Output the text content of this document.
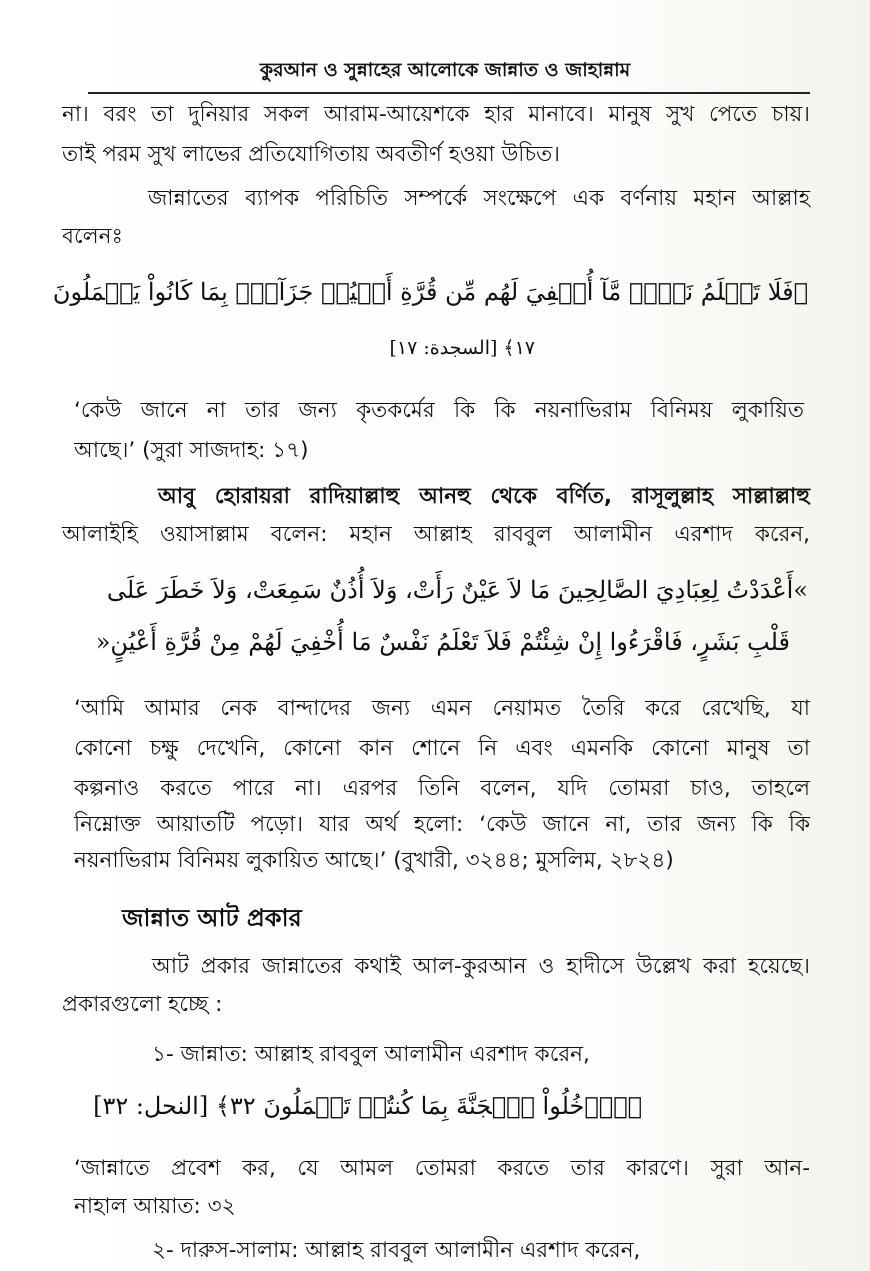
কুরআন ও সুন্নাহের আলোকে জান্নাত ও জাহান্নাম
না। বরং তা দুনিয়ার সকল আরাম-আয়েশকে হার মানাবে। মানুষ সুখ পেতে চায়।
তাই পরম সুখ লাভের প্রতিযোগিতায় অবতীর্ণ হওয়া উচিত।
জান্নাতের ব্যাপক পরিচিতি সম্পর্কে সংক্ষেপে এক বর্ণনায় মহান আল্লাহ
বলেনঃ
﴿فَلَا تَعۡلَمُ نَفۡسٞ مَّآ أُخۡفِيَ لَهُم مِّن قُرَّةِ أَعۡيُنٖ جَزَآءَۢ بِمَا كَانُواْ يَعۡمَلُونَ
١٧﴾ [السجدة: ١٧]
‘কেউ জানে না তার জন্য কৃতকর্মের কি কি নয়নাভিরাম বিনিময় লুকায়িত
আছে।’ (সুরা সাজদাহ: ১৭)
আবু হোরায়রা রাদিয়াল্লাহু আনহু থেকে বর্ণিত, রাসূলুল্লাহ সাল্লাল্লাহু
আলাইহি ওয়াসাল্লাম বলেন: মহান আল্লাহ রাববুল আলামীন এরশাদ করেন,
»أَعْدَدْتُ لِعِبَادِيَ الصَّالِحِينَ مَا لاَ عَيْنٌ رَأَتْ، وَلاَ أُذُنٌ سَمِعَتْ، وَلاَ خَطَرَ عَلَى
قَلْبِ بَشَرٍ، فَاقْرَءُوا إِنْ شِئْتُمْ فَلاَ تَعْلَمُ نَفْسٌ مَا أُخْفِيَ لَهُمْ مِنْ قُرَّةِ أَعْيُنٍ«
‘আমি আমার নেক বান্দাদের জন্য এমন নেয়ামত তৈরি করে রেখেছি, যা
কোনো চক্ষু দেখেনি, কোনো কান শোনে নি এবং এমনকি কোনো মানুষ তা
কল্পনাও করতে পারে না। এরপর তিনি বলেন, যদি তোমরা চাও, তাহলে
নিম্নোক্ত আয়াতটি পড়ো। যার অর্থ হলো: ‘কেউ জানে না, তার জন্য কি কি
নয়নাভিরাম বিনিময় লুকায়িত আছে।’ (বুখারী, ৩২৪৪; মুসলিম, ২৮২৪)
জান্নাত আট প্রকার
আট প্রকার জান্নাতের কথাই আল-কুরআন ও হাদীসে উল্লেখ করা হয়েছে।
প্রকারগুলো হচ্ছে :
১- জান্নাত: আল্লাহ রাববুল আলামীন এরশাদ করেন,
﴿ٱدۡخُلُواْ ٱلۡجَنَّةَ بِمَا كُنتُمۡ تَعۡمَلُونَ ٣٢﴾ [النحل: ٣٢]
‘জান্নাতে প্রবেশ কর, যে আমল তোমরা করতে তার কারণে। সুরা আন-
নাহাল আয়াত: ৩২
২- দারুস-সালাম: আল্লাহ রাববুল আলামীন এরশাদ করেন,
